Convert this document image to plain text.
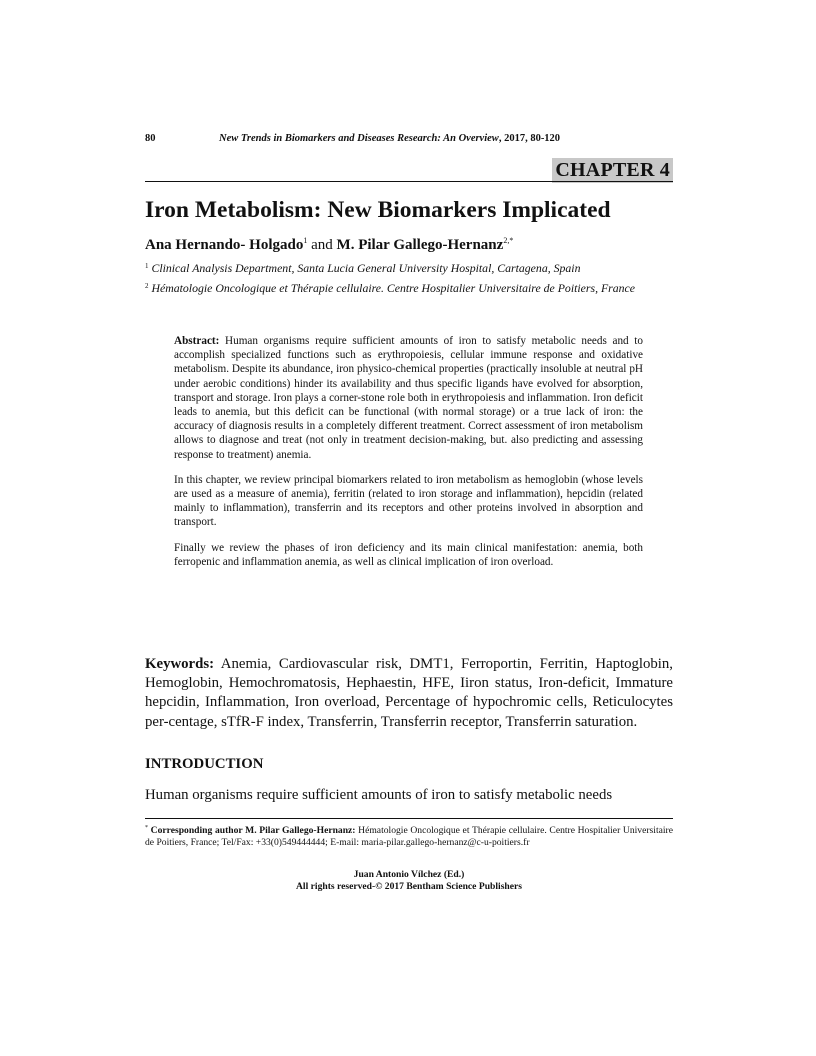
80	New Trends in Biomarkers and Diseases Research: An Overview, 2017, 80-120
CHAPTER 4
Iron Metabolism: New Biomarkers Implicated
Ana Hernando- Holgado$^1$ and M. Pilar Gallego-Hernanz$^{2,*}$
$^1$ Clinical Analysis Department, Santa Lucia General University Hospital, Cartagena, Spain
$^2$ Hématologie Oncologique et Thérapie cellulaire. Centre Hospitalier Universitaire de Poitiers, France

Abstract: Human organisms require sufficient amounts of iron to satisfy metabolic needs and to accomplish specialized functions such as erythropoiesis, cellular immune response and oxidative metabolism. Despite its abundance, iron physico-chemical properties (practically insoluble at neutral pH under aerobic conditions) hinder its availability and thus specific ligands have evolved for absorption, transport and storage. Iron plays a corner-stone role both in erythropoiesis and inflammation. Iron deficit leads to anemia, but this deficit can be functional (with normal storage) or a true lack of iron: the accuracy of diagnosis results in a completely different treatment. Correct assessment of iron metabolism allows to diagnose and treat (not only in treatment decision-making, but. also predicting and assessing response to treatment) anemia.

In this chapter, we review principal biomarkers related to iron metabolism as hemoglobin (whose levels are used as a measure of anemia), ferritin (related to iron storage and inflammation), hepcidin (related mainly to inflammation), transferrin and its receptors and other proteins involved in absorption and transport.

Finally we review the phases of iron deficiency and its main clinical manifestation: anemia, both ferropenic and inflammation anemia, as well as clinical implication of iron overload.

Keywords: Anemia, Cardiovascular risk, DMT1, Ferroportin, Ferritin, Haptoglobin, Hemoglobin, Hemochromatosis, Hephaestin, HFE, Iiron status, Iron-deficit, Immature hepcidin, Inflammation, Iron overload, Percentage of hypochromic cells, Reticulocytes per-centage, sTfR-F index, Transferrin, Transferrin receptor, Transferrin saturation.
INTRODUCTION
Human organisms require sufficient amounts of iron to satisfy metabolic needs
* Corresponding author M. Pilar Gallego-Hernanz: Hématologie Oncologique et Thérapie cellulaire. Centre Hospitalier Universitaire de Poitiers, France; Tel/Fax: +33(0)549444444; E-mail: maria-pilar.gallego-hernanz@c-u-poitiers.fr
Juan Antonio Vílchez (Ed.)
All rights reserved-© 2017 Bentham Science Publishers
